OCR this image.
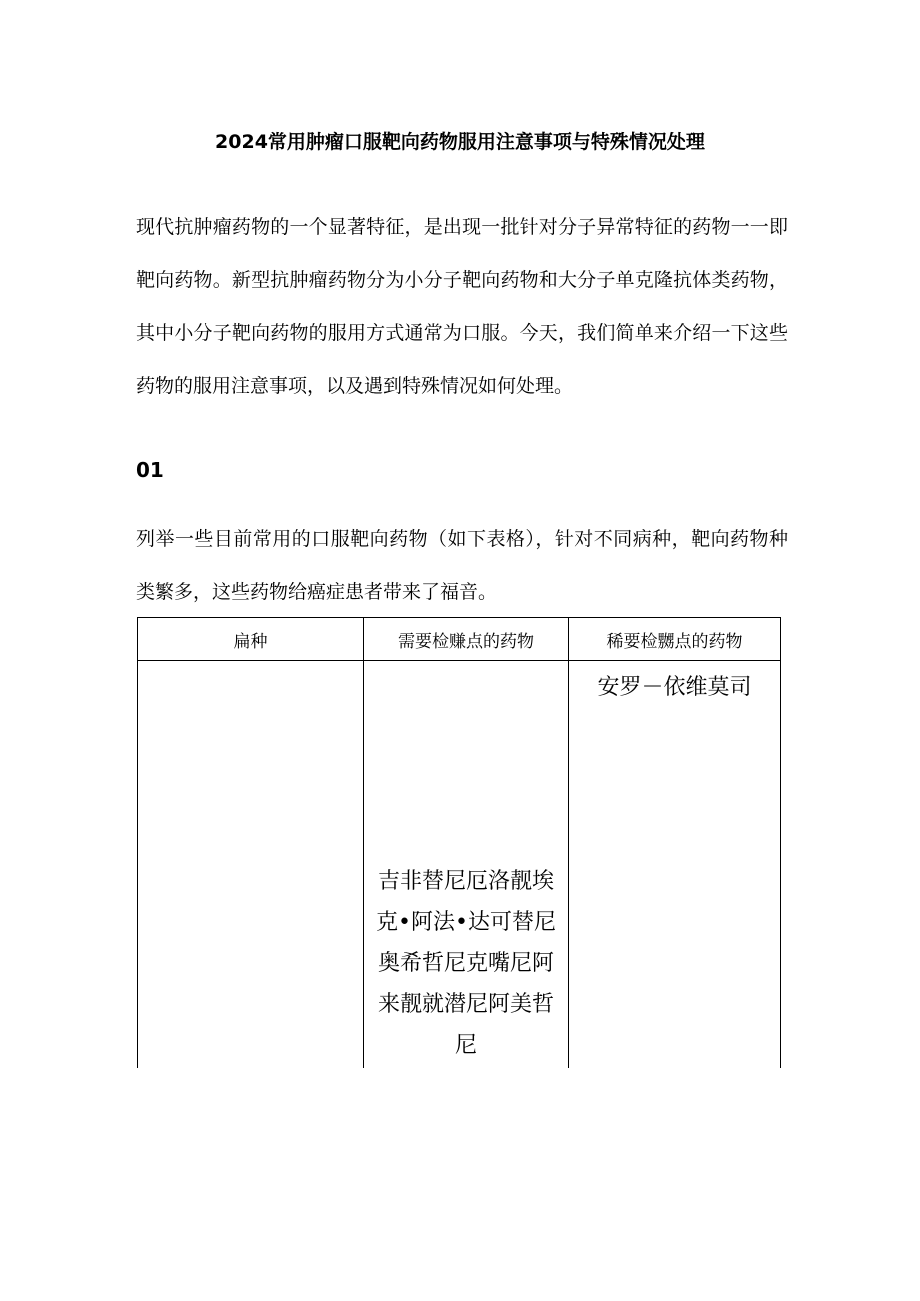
2024常用肿瘤口服靶向药物服用注意事项与特殊情况处理

现代抗肿瘤药物的一个显著特征，是出现一批针对分子异常特征的药物一一即靶向药物。新型抗肿瘤药物分为小分子靶向药物和大分子单克隆抗体类药物，其中小分子靶向药物的服用方式通常为口服。今天，我们简单来介绍一下这些药物的服用注意事项，以及遇到特殊情况如何处理。

01

列举一些目前常用的口服靶向药物（如下表格），针对不同病种，靶向药物种类繁多，这些药物给癌症患者带来了福音。

扁种	需要检赚点的药物	稀要检嬲点的药物

	吉非替尼厄洛靓埃
克•阿法•达可替尼
奥希哲尼克嘴尼阿
来靓就潜尼阿美哲
尼	安罗－依维莫司
